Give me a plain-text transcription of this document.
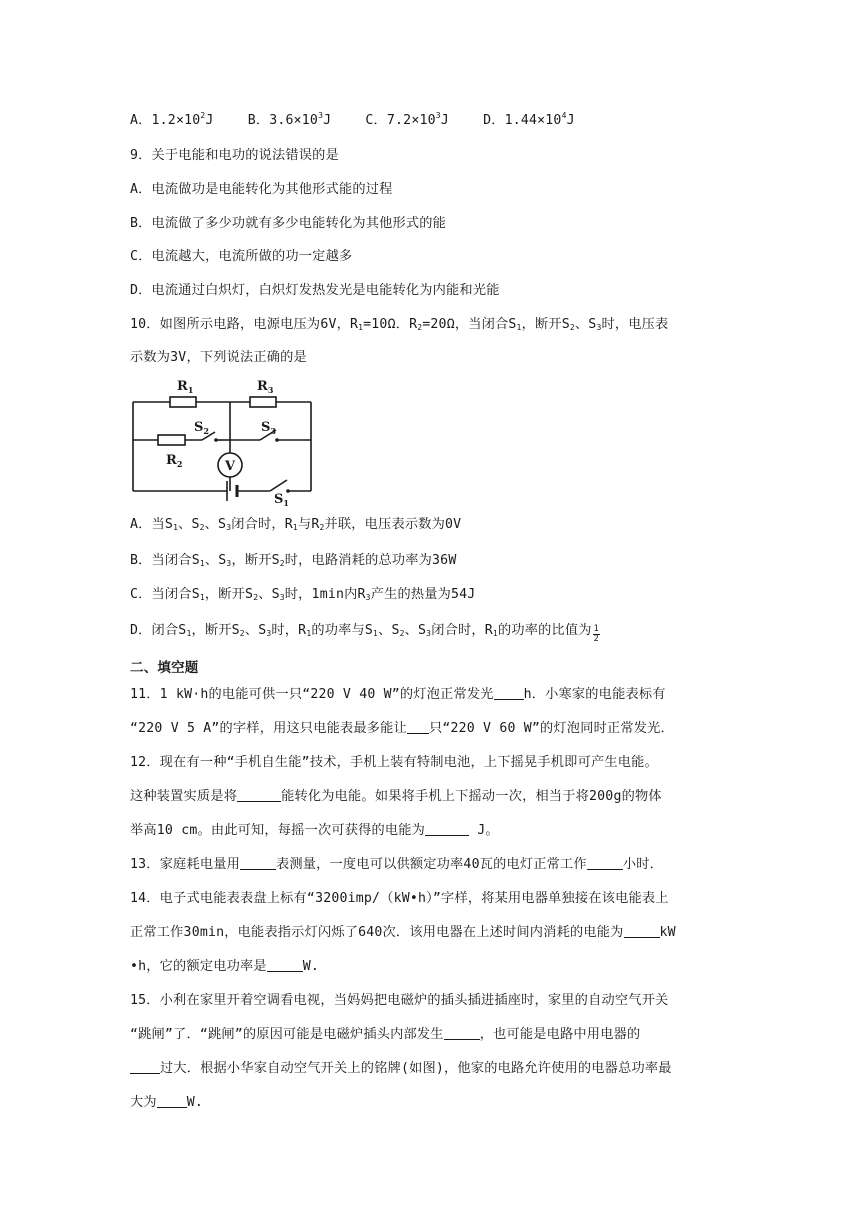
A．$1.2\times 10^2J$	B．$3.6\times 10^3J$	C．$7.2\times 10^3J$	D．$1.44\times 10^4J$
9．关于电能和电功的说法错误的是
A．电流做功是电能转化为其他形式能的过程
B．电流做了多少功就有多少电能转化为其他形式的能
C．电流越大，电流所做的功一定越多
D．电流通过白炽灯，白炽灯发热发光是电能转化为内能和光能
10．如图所示电路，电源电压为6V，$R_1=10\Omega$．$R_2=20\Omega$，当闭合$S_1$，断开$S_2$、$S_3$时，电压表
示数为3V，下列说法正确的是
$R_1$	$R_3$
$S_2$	$S_3$
$R_2$
$S_1$
V
A．当$S_1$、$S_2$、$S_3$闭合时，$R_1$与$R_2$并联，电压表示数为0V
B．当闭合$S_1$、$S_3$，断开$S_2$时，电路消耗的总功率为36W
C．当闭合$S_1$，断开$S_2$、$S_3$时，1min内$R_3$产生的热量为54J
D．闭合$S_1$，断开$S_2$、$S_3$时，$R_1$的功率与$S_1$、$S_2$、$S_3$闭合时，$R_1$的功率的比值为 $\frac{1}{2}$
二、填空题
11．1 kW·h的电能可供一只“220 V 40 W”的灯泡正常发光 h．小寒家的电能表标有
“220 V 5 A”的字样，用这只电能表最多能让 只“220 V 60 W”的灯泡同时正常发光．
12．现在有一种“手机自生能”技术，手机上装有特制电池，上下摇晃手机即可产生电能。
这种装置实质是将	能转化为电能。如果将手机上下摇动一次，相当于将200g的物体
举高10 cm。由此可知，每摇一次可获得的电能为	J。
13．家庭耗电量用	表测量，一度电可以供额定功率40瓦的电灯正常工作	小时．
14．电子式电能表表盘上标有“3200imp/（kW•h）”字样，将某用电器单独接在该电能表上
正常工作30min，电能表指示灯闪烁了640次．该用电器在上述时间内消耗的电能为	kW
•h，它的额定电功率是	W.
15．小利在家里开着空调看电视，当妈妈把电磁炉的插头插进插座时，家里的自动空气开关
“跳闸”了．“跳闸”的原因可能是电磁炉插头内部发生	，也可能是电路中用电器的
过大．根据小华家自动空气开关上的铭牌(如图)，他家的电路允许使用的电器总功率最
大为 W.
